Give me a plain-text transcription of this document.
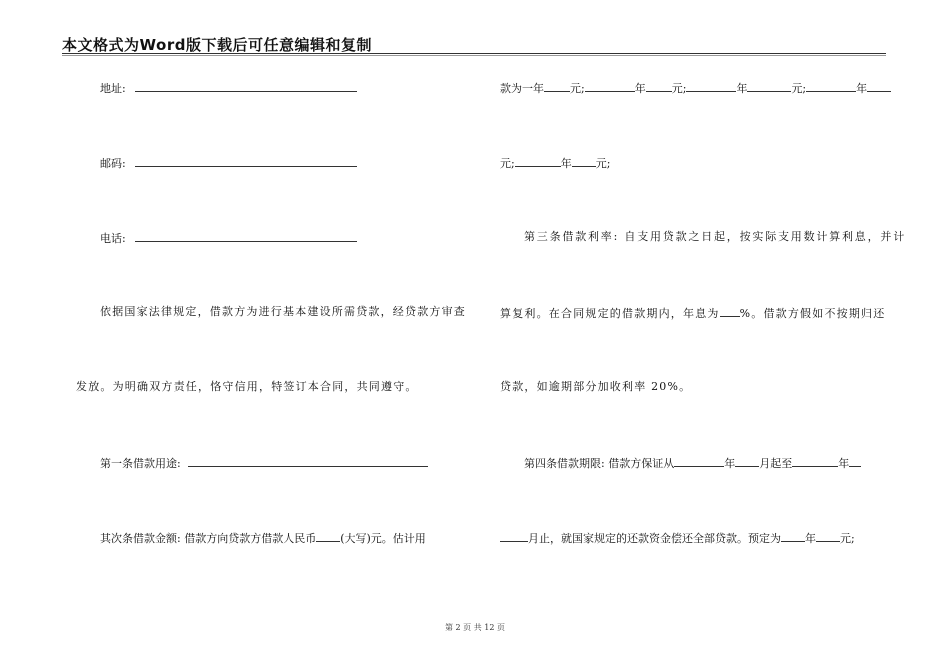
本文格式为Word版下载后可任意编辑和复制
地址:
邮码:
电话:
依据国家法律规定，借款方为进行基本建设所需贷款，经贷款方审查
发放。为明确双方责任，恪守信用，特签订本合同，共同遵守。
第一条借款用途:
其次条借款金额: 借款方向贷款方借款人民币 (大写)元。估计用
款为一年 元;	年 元;	年	元;	年
元;	年 元;
第三条借款利率: 自支用贷款之日起，按实际支用数计算利息，并计
算复利。在合同规定的借款期内，年息为 %。借款方假如不按期归还
贷款，如逾期部分加收利率 20%。
第四条借款期限: 借款方保证从	年 月起至	年
月止，就国家规定的还款资金偿还全部贷款。预定为 年 元;
第 2 页 共 12 页
